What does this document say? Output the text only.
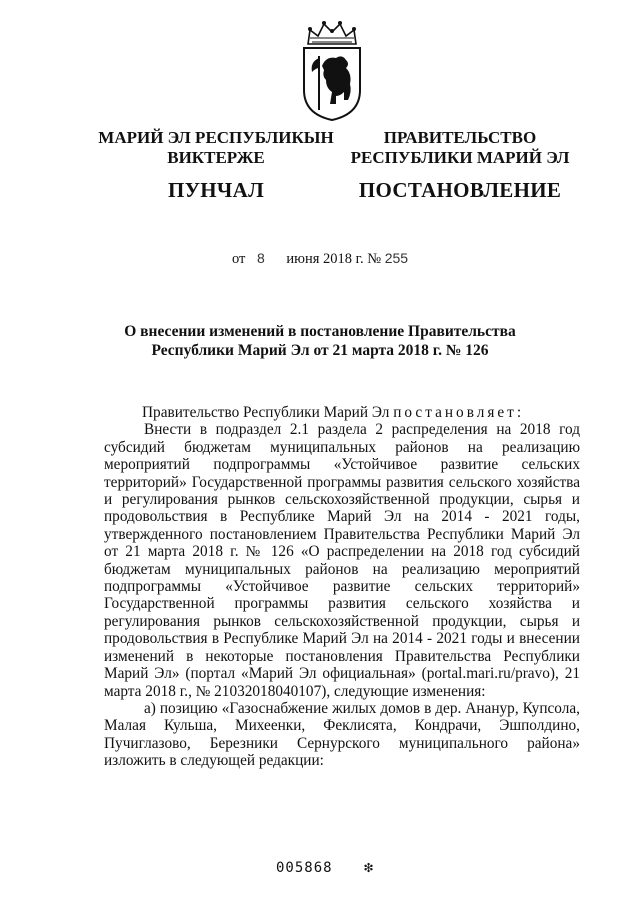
МАРИЙ ЭЛ РЕСПУБЛИКЫН
ВИКТЕРЖЕ
ПУНЧАЛ
ПРАВИТЕЛЬСТВО
РЕСПУБЛИКИ МАРИЙ ЭЛ
ПОСТАНОВЛЕНИЕ
от 8 июня 2018 г. № 255
О внесении изменений в постановление Правительства
Республики Марий Эл от 21 марта 2018 г. № 126

Правительство Республики Марий Эл постановляет:

Внести в подраздел 2.1 раздела 2 распределения на 2018 год субсидий бюджетам муниципальных районов на реализацию мероприятий подпрограммы «Устойчивое развитие сельских территорий» Государственной программы развития сельского хозяйства и регулирования рынков сельскохозяйственной продукции, сырья и продовольствия в Республике Марий Эл на 2014 - 2021 годы, утвержденного постановлением Правительства Республики Марий Эл от 21 марта 2018 г. № 126 «О распределении на 2018 год субсидий бюджетам муниципальных районов на реализацию мероприятий подпрограммы «Устойчивое развитие сельских территорий» Государственной программы развития сельского хозяйства и регулирования рынков сельскохозяйственной продукции, сырья и продовольствия в Республике Марий Эл на 2014 - 2021 годы и внесении изменений в некоторые постановления Правительства Республики Марий Эл» (портал «Марий Эл официальная» (portal.mari.ru/pravo), 21 марта 2018 г., № 21032018040107), следующие изменения:

а) позицию «Газоснабжение жилых домов в дер. Ананур, Купсола, Малая Кульша, Михеенки, Феклисята, Кондрачи, Эшполдино, Пучиглазово, Березники Сернурского муниципального района» изложить в следующей редакции:

005868 ❇
